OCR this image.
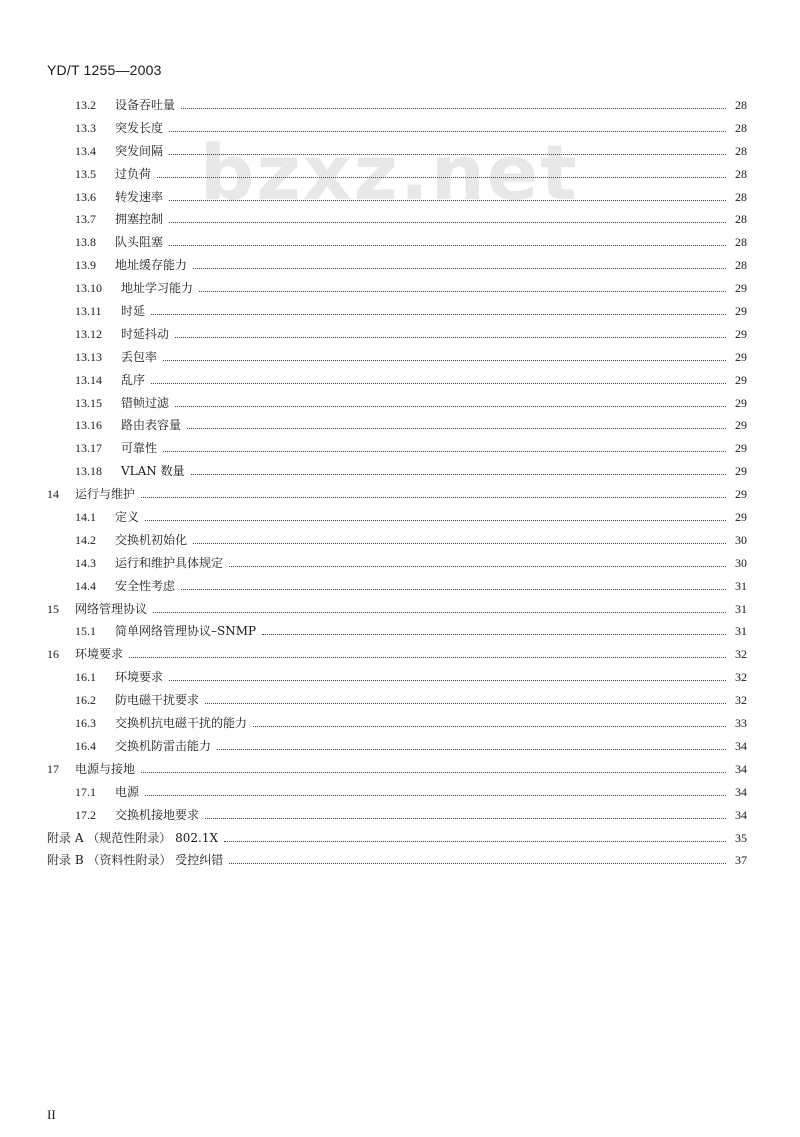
YD/T 1255—2003
bzxz.net
13.2	设备吞吐量	28
13.3	突发长度	28
13.4	突发间隔	28
13.5	过负荷	28
13.6	转发速率	28
13.7	拥塞控制	28
13.8	队头阻塞	28
13.9	地址缓存能力	28
13.10	地址学习能力	29
13.11	时延	29
13.12	时延抖动	29
13.13	丢包率	29
13.14	乱序	29
13.15	错帧过滤	29
13.16	路由表容量	29
13.17	可靠性	29
13.18	VLAN 数量	29
14	运行与维护	29
14.1	定义	29
14.2	交换机初始化	30
14.3	运行和维护具体规定	30
14.4	安全性考虑	31
15	网络管理协议	31
15.1	简单网络管理协议–SNMP	31
16	环境要求	32
16.1	环境要求	32
16.2	防电磁干扰要求	32
16.3	交换机抗电磁干扰的能力	33
16.4	交换机防雷击能力	34
17	电源与接地	34
17.1	电源	34
17.2	交换机接地要求	34
附录 A （规范性附录） 802.1X	35
附录 B （资料性附录） 受控纠错	37
II
